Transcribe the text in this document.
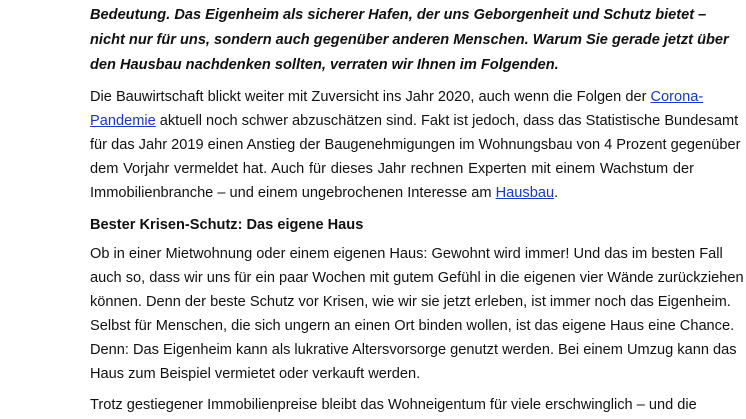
Bedeutung. Das Eigenheim als sicherer Hafen, der uns Geborgenheit und Schutz bietet –
nicht nur für uns, sondern auch gegenüber anderen Menschen. Warum Sie gerade jetzt über
den Hausbau nachdenken sollten, verraten wir Ihnen im Folgenden.
Die Bauwirtschaft blickt weiter mit Zuversicht ins Jahr 2020, auch wenn die Folgen der Corona-
Pandemie aktuell noch schwer abzuschätzen sind. Fakt ist jedoch, dass das Statistische Bundesamt
für das Jahr 2019 einen Anstieg der Baugenehmigungen im Wohnungsbau von 4 Prozent gegenüber
dem Vorjahr vermeldet hat. Auch für dieses Jahr rechnen Experten mit einem Wachstum der
Immobilienbranche – und einem ungebrochenen Interesse am Hausbau.
Bester Krisen-Schutz: Das eigene Haus
Ob in einer Mietwohnung oder einem eigenen Haus: Gewohnt wird immer! Und das im besten Fall
auch so, dass wir uns für ein paar Wochen mit gutem Gefühl in die eigenen vier Wände zurückziehen
können. Denn der beste Schutz vor Krisen, wie wir sie jetzt erleben, ist immer noch das Eigenheim.
Selbst für Menschen, die sich ungern an einen Ort binden wollen, ist das eigene Haus eine Chance.
Denn: Das Eigenheim kann als lukrative Altersvorsorge genutzt werden. Bei einem Umzug kann das
Haus zum Beispiel vermietet oder verkauft werden.
Trotz gestiegener Immobilienpreise bleibt das Wohneigentum für viele erschwinglich – und die
